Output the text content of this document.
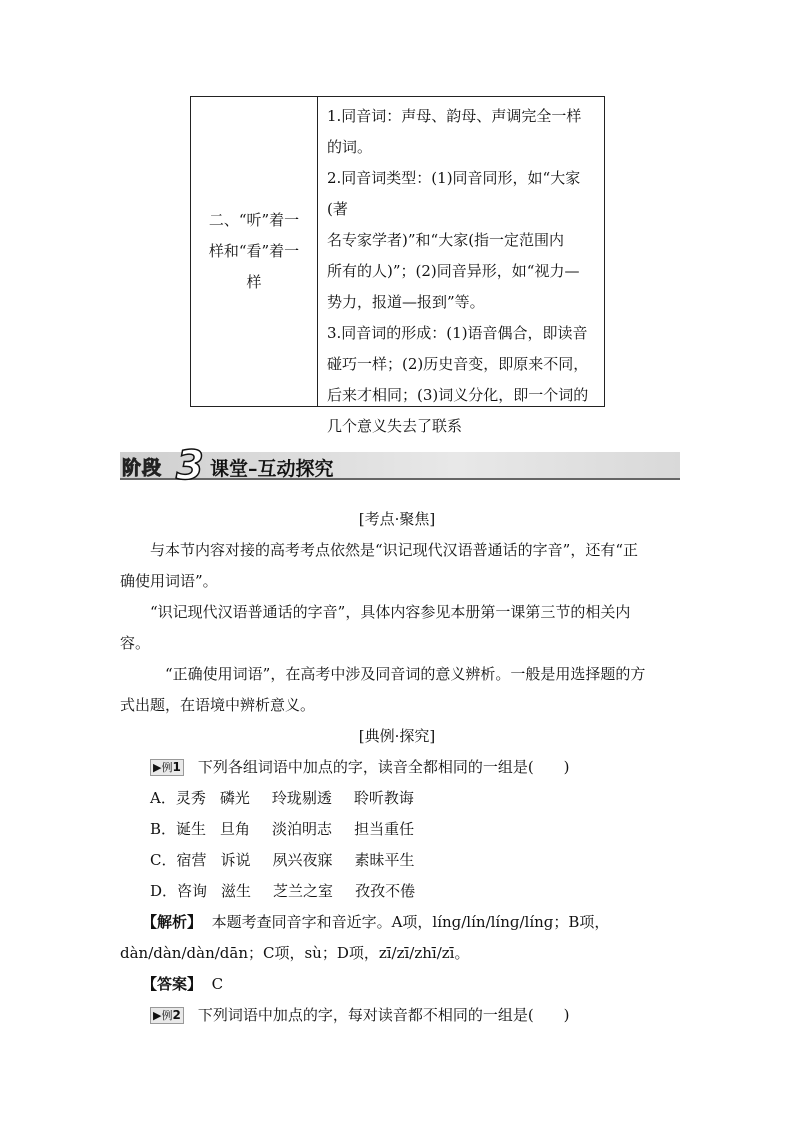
二、“听”着一
样和“看”着一
样
1.同音词：声母、韵母、声调完全一样
的词。
2.同音词类型：(1)同音同形，如“大家(著
名专家学者)”和“大家(指一定范围内
所有的人)”；(2)同音异形，如“视力—
势力，报道—报到”等。
3.同音词的形成：(1)语音偶合，即读音
碰巧一样；(2)历史音变，即原来不同，
后来才相同；(3)词义分化，即一个词的
几个意义失去了联系
阶段 3 课堂–互动探究
[考点·聚焦]
与本节内容对接的高考考点依然是“识记现代汉语普通话的字音”，还有“正
确使用词语”。
“识记现代汉语普通话的字音”，具体内容参见本册第一课第三节的相关内
容。
“正确使用词语”，在高考中涉及同音词的意义辨析。一般是用选择题的方
式出题，在语境中辨析意义。
[典例·探究]
▶例1 下列各组词语中加点的字，读音全都相同的一组是(　　)
A．灵秀 磷光 玲珑剔透 聆听教诲
B．诞生 旦角 淡泊明志 担当重任
C．宿营 诉说 夙兴夜寐 素昧平生
D．咨询 滋生 芝兰之室 孜孜不倦
【解析】 本题考查同音字和音近字。A项，línɡ/lín/línɡ/línɡ；B项，
dàn/dàn/dàn/dān；C项，sù；D项，zī/zī/zhī/zī。
【答案】 C
▶例2 下列词语中加点的字，每对读音都不相同的一组是(　　)
